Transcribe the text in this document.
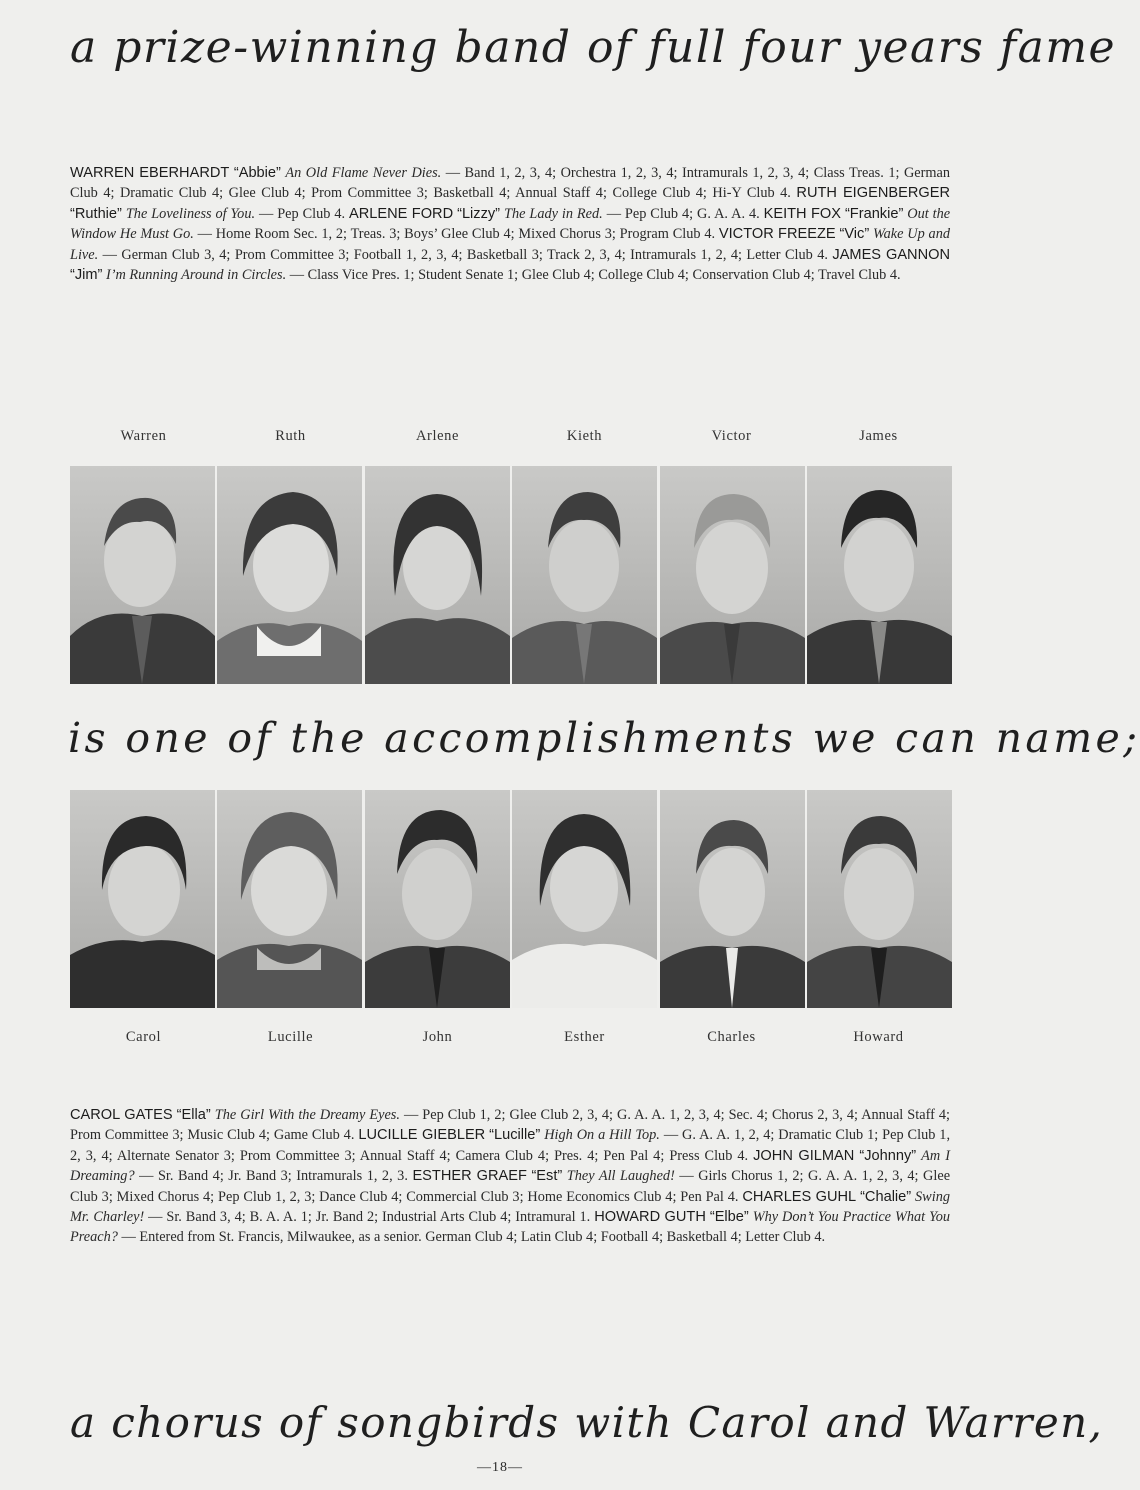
a prize-winning band of full four years fame
WARREN EBERHARDT “Abbie” An Old Flame Never Dies. — Band 1, 2, 3, 4; Orchestra 1, 2, 3, 4; Intramurals 1, 2, 3, 4; Class Treas. 1; German Club 4; Dramatic Club 4; Glee Club 4; Prom Committee 3; Basketball 4; Annual Staff 4; College Club 4; Hi-Y Club 4. RUTH EIGENBERGER “Ruthie” The Loveliness of You. — Pep Club 4. ARLENE FORD “Lizzy” The Lady in Red. — Pep Club 4; G. A. A. 4. KEITH FOX “Frankie” Out the Window He Must Go. — Home Room Sec. 1, 2; Treas. 3; Boys’ Glee Club 4; Mixed Chorus 3; Program Club 4. VICTOR FREEZE “Vic” Wake Up and Live. — German Club 3, 4; Prom Committee 3; Football 1, 2, 3, 4; Basketball 3; Track 2, 3, 4; Intramurals 1, 2, 4; Letter Club 4. JAMES GANNON “Jim” I’m Running Around in Circles. — Class Vice Pres. 1; Student Senate 1; Glee Club 4; College Club 4; Conservation Club 4; Travel Club 4.
Warren	Ruth	Arlene	Kieth	Victor	James
is one of the accomplishments we can name;
Carol	Lucille	John	Esther	Charles	Howard
CAROL GATES “Ella” The Girl With the Dreamy Eyes. — Pep Club 1, 2; Glee Club 2, 3, 4; G. A. A. 1, 2, 3, 4; Sec. 4; Chorus 2, 3, 4; Annual Staff 4; Prom Committee 3; Music Club 4; Game Club 4. LUCILLE GIEBLER “Lucille” High On a Hill Top. — G. A. A. 1, 2, 4; Dramatic Club 1; Pep Club 1, 2, 3, 4; Alternate Senator 3; Prom Committee 3; Annual Staff 4; Camera Club 4; Pres. 4; Pen Pal 4; Press Club 4. JOHN GILMAN “Johnny” Am I Dreaming? — Sr. Band 4; Jr. Band 3; Intramurals 1, 2, 3. ESTHER GRAEF “Est” They All Laughed! — Girls Chorus 1, 2; G. A. A. 1, 2, 3, 4; Glee Club 3; Mixed Chorus 4; Pep Club 1, 2, 3; Dance Club 4; Commercial Club 3; Home Economics Club 4; Pen Pal 4. CHARLES GUHL “Chalie” Swing Mr. Charley! — Sr. Band 3, 4; B. A. A. 1; Jr. Band 2; Industrial Arts Club 4; Intramural 1. HOWARD GUTH “Elbe” Why Don’t You Practice What You Preach? — Entered from St. Francis, Milwaukee, as a senior. German Club 4; Latin Club 4; Football 4; Basketball 4; Letter Club 4.
a chorus of songbirds with Carol and Warren,
—18—
